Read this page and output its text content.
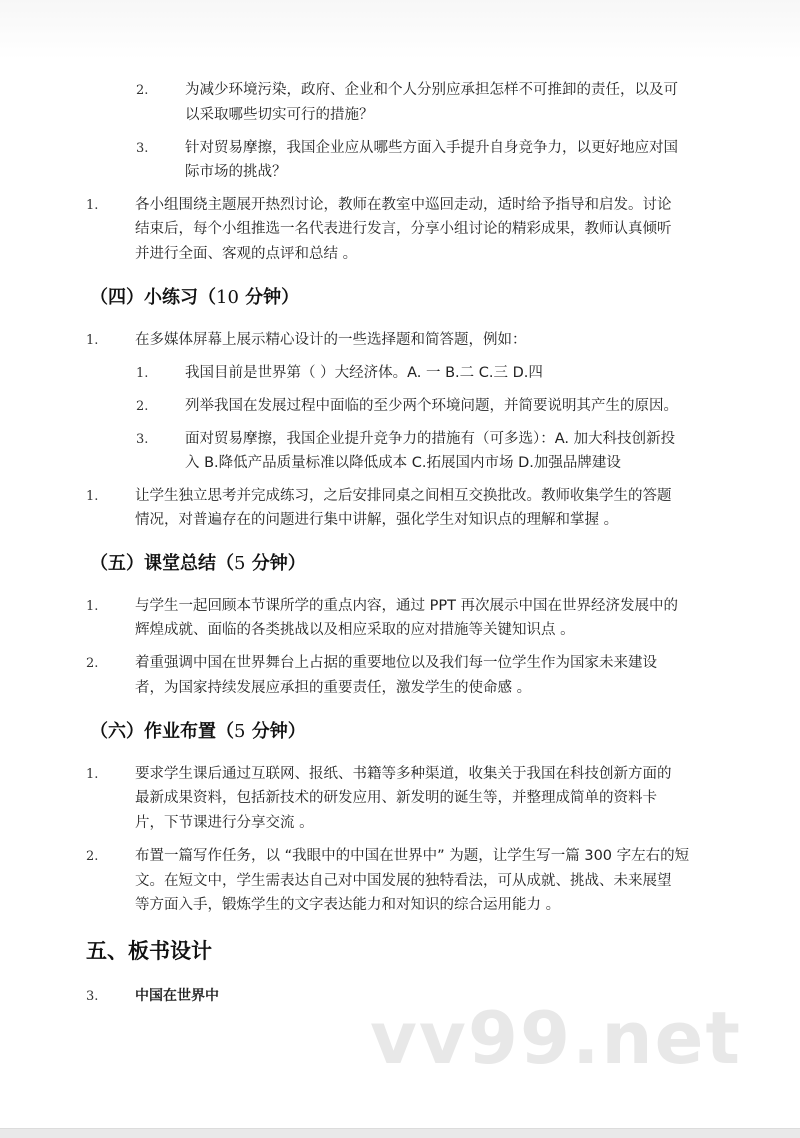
2.	为减少环境污染，政府、企业和个人分别应承担怎样不可推卸的责任，以及可
以采取哪些切实可行的措施？
3.	针对贸易摩擦，我国企业应从哪些方面入手提升自身竞争力，以更好地应对国
际市场的挑战？
1.	各小组围绕主题展开热烈讨论，教师在教室中巡回走动，适时给予指导和启发。讨论
结束后，每个小组推选一名代表进行发言，分享小组讨论的精彩成果，教师认真倾听
并进行全面、客观的点评和总结 。
（四）小练习（10 分钟）
1.	在多媒体屏幕上展示精心设计的一些选择题和简答题，例如：
1.	我国目前是世界第（ ）大经济体。A. 一 B.二 C.三 D.四
2.	列举我国在发展过程中面临的至少两个环境问题，并简要说明其产生的原因。
3.	面对贸易摩擦，我国企业提升竞争力的措施有（可多选）：A. 加大科技创新投
入 B.降低产品质量标准以降低成本 C.拓展国内市场 D.加强品牌建设
1.	让学生独立思考并完成练习，之后安排同桌之间相互交换批改。教师收集学生的答题
情况，对普遍存在的问题进行集中讲解，强化学生对知识点的理解和掌握 。
（五）课堂总结（5 分钟）
1.	与学生一起回顾本节课所学的重点内容，通过 PPT 再次展示中国在世界经济发展中的
辉煌成就、面临的各类挑战以及相应采取的应对措施等关键知识点 。
2.	着重强调中国在世界舞台上占据的重要地位以及我们每一位学生作为国家未来建设
者，为国家持续发展应承担的重要责任，激发学生的使命感 。
（六）作业布置（5 分钟）
1.	要求学生课后通过互联网、报纸、书籍等多种渠道，收集关于我国在科技创新方面的
最新成果资料，包括新技术的研发应用、新发明的诞生等，并整理成简单的资料卡
片，下节课进行分享交流 。
2.	布置一篇写作任务，以 “我眼中的中国在世界中” 为题，让学生写一篇 300 字左右的短
文。在短文中，学生需表达自己对中国发展的独特看法，可从成就、挑战、未来展望
等方面入手，锻炼学生的文字表达能力和对知识的综合运用能力 。
五、板书设计
3.	中国在世界中 vv99.net
